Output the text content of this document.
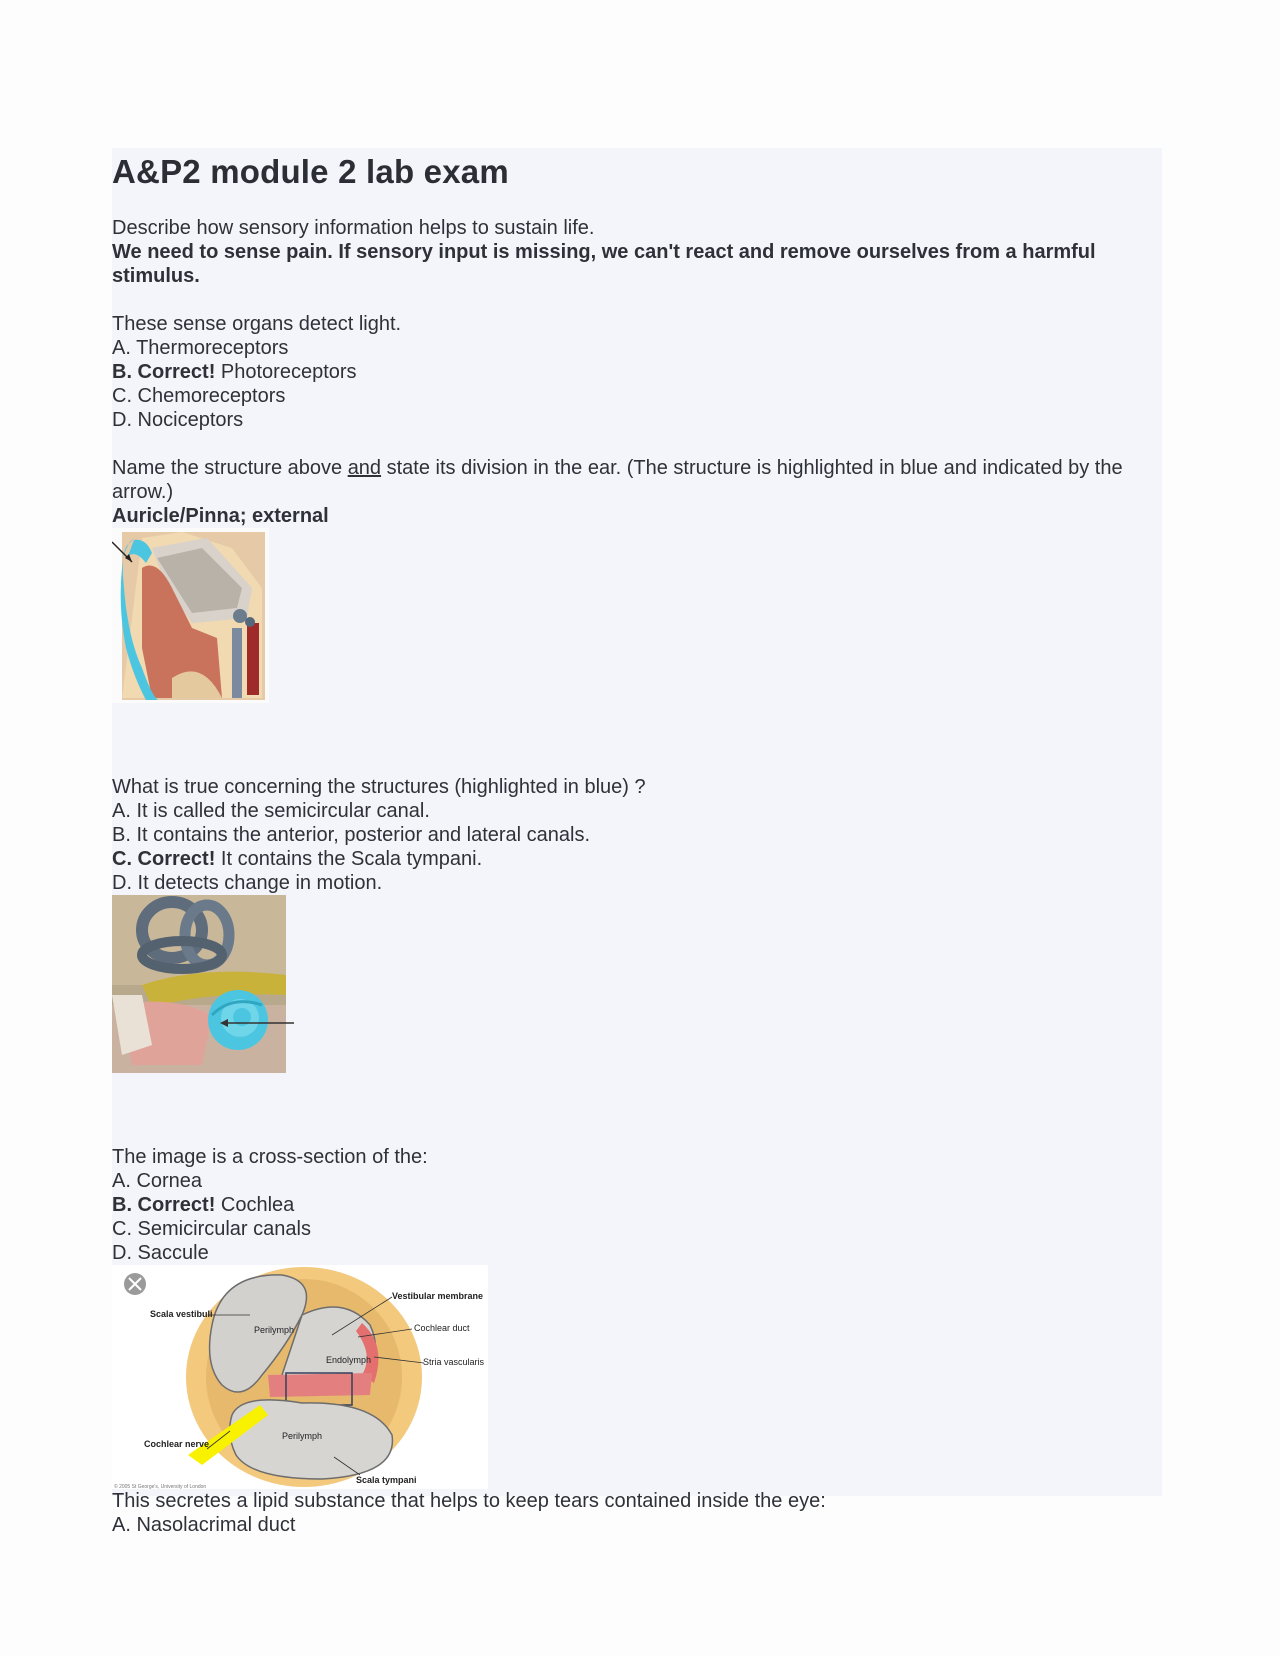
A&P2 module 2 lab exam

Describe how sensory information helps to sustain life.

We need to sense pain. If sensory input is missing, we can't react and remove ourselves from a harmful stimulus.

These sense organs detect light.

A. Thermoreceptors

B. Correct! Photoreceptors

C. Chemoreceptors

D. Nociceptors

Name the structure above and state its division in the ear. (The structure is highlighted in blue and indicated by the arrow.)

Auricle/Pinna; external

What is true concerning the structures (highlighted in blue) ?

A. It is called the semicircular canal.

B. It contains the anterior, posterior and lateral canals.

C. Correct! It contains the Scala tympani.

D. It detects change in motion.

The image is a cross-section of the:

A. Cornea

B. Correct! Cochlea

C. Semicircular canals

D. Saccule

Scala vestibuli
Vestibular membrane
Perilymph	Cochlear duct
Endolymph	Stria vascularis
Cochlear nerve
Perilymph
Scala tympani
© 2005 St George's, University of London

This secretes a lipid substance that helps to keep tears contained inside the eye:

A. Nasolacrimal duct
